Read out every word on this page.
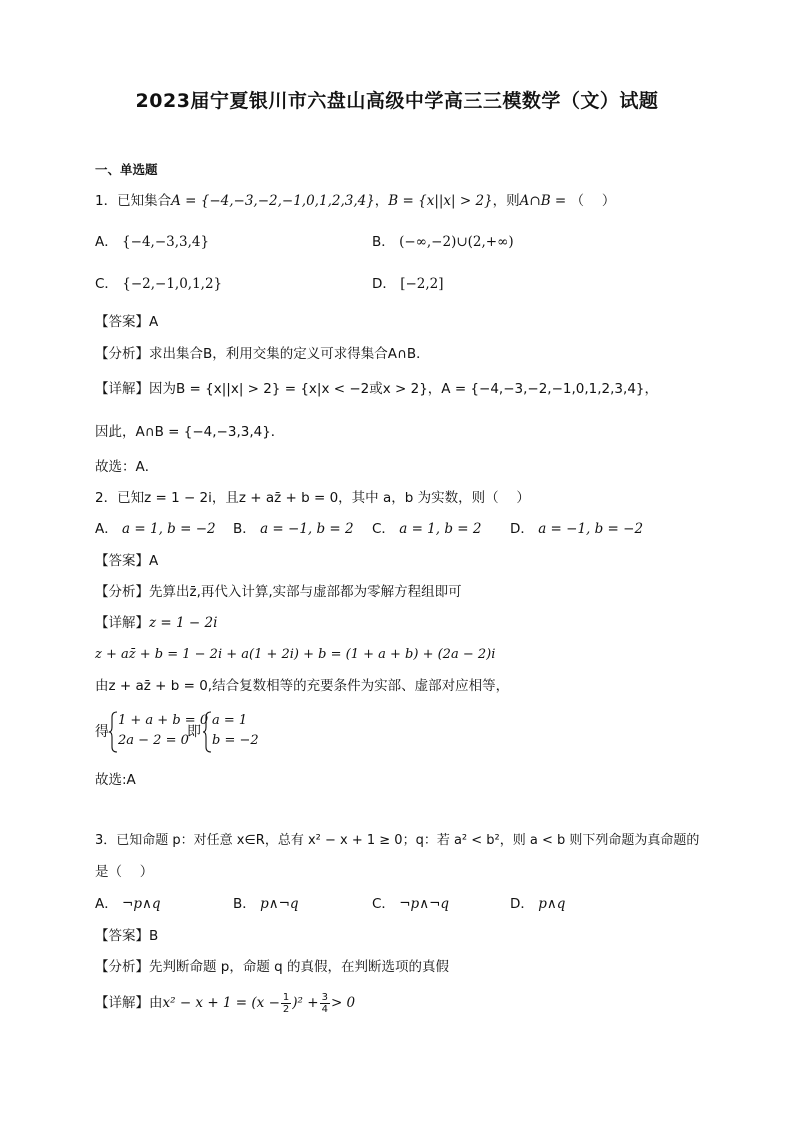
2023届宁夏银川市六盘山高级中学高三三模数学（文）试题
一、单选题
1．已知集合A = {−4,−3,−2,−1,0,1,2,3,4}，B = {x||x| > 2}，则A∩B = （　 ）
A． {−4,−3,3,4}	B． (−∞,−2)∪(2,+∞)
C． {−2,−1,0,1,2}	D． [−2,2]
【答案】A
【分析】求出集合B，利用交集的定义可求得集合A∩B．
【详解】因为B = {x||x| > 2} = {x|x < −2或x > 2}，A = {−4,−3,−2,−1,0,1,2,3,4}，
因此，A∩B = {−4,−3,3,4}．
故选：A．
2．已知z = 1 − 2i，且z + az̄ + b = 0，其中 a，b 为实数，则（　 ）
A． a = 1, b = −2 B． a = −1, b = 2 C． a = 1, b = 2 D． a = −1, b = −2
【答案】A
【分析】先算出z̄,再代入计算,实部与虚部都为零解方程组即可
【详解】z = 1 − 2i
z + az̄ + b = 1 − 2i + a(1 + 2i) + b = (1 + a + b) + (2a − 2)i
由z + az̄ + b = 0,结合复数相等的充要条件为实部、虚部对应相等，
得
1 + a + b = 0
2a − 2 = 0
即
a = 1
b = −2
故选:A
3．已知命题 p：对任意 x∈R，总有 x² − x + 1 ≥ 0；q：若 a² < b²，则 a < b 则下列命题为真命题的
是（　 ）
A． ¬p∧q	B． p∧¬q	C． ¬p∧¬q	D． p∧q
【答案】B
【分析】先判断命题 p，命题 q 的真假，在判断选项的真假
【详解】由$x^2 - x + 1 = (x - \frac{1}{2} )^2 + \frac{3}{4} > 0$
